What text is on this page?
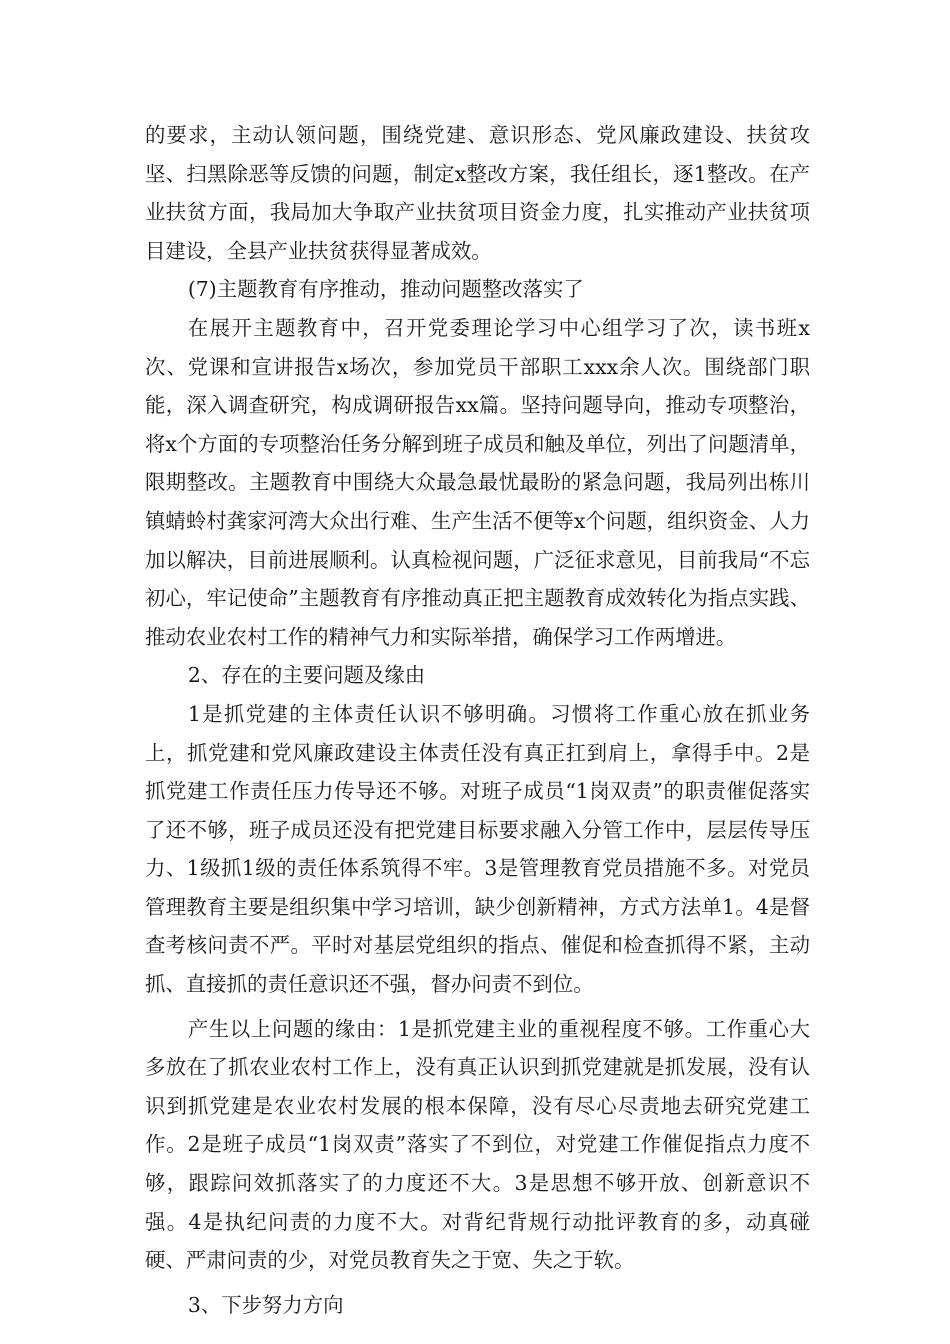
的要求，主动认领问题，围绕党建、意识形态、党风廉政建设、扶贫攻坚、扫黑除恶等反馈的问题，制定x整改方案，我任组长，逐1整改。在产业扶贫方面，我局加大争取产业扶贫项目资金力度，扎实推动产业扶贫项目建设，全县产业扶贫获得显著成效。

(7)主题教育有序推动，推动问题整改落实了

在展开主题教育中，召开党委理论学习中心组学习了次，读书班x次、党课和宣讲报告x场次，参加党员干部职工xxx余人次。围绕部门职能，深入调查研究，构成调研报告xx篇。坚持问题导向，推动专项整治，将x个方面的专项整治任务分解到班子成员和触及单位，列出了问题清单，限期整改。主题教育中围绕大众最急最忧最盼的紧急问题，我局列出栋川镇蜻蛉村龚家河湾大众出行难、生产生活不便等x个问题，组织资金、人力加以解决，目前进展顺利。认真检视问题，广泛征求意见，目前我局“不忘初心，牢记使命”主题教育有序推动真正把主题教育成效转化为指点实践、推动农业农村工作的精神气力和实际举措，确保学习工作两增进。

2、存在的主要问题及缘由

1是抓党建的主体责任认识不够明确。习惯将工作重心放在抓业务上，抓党建和党风廉政建设主体责任没有真正扛到肩上，拿得手中。2是抓党建工作责任压力传导还不够。对班子成员“1岗双责”的职责催促落实了还不够，班子成员还没有把党建目标要求融入分管工作中，层层传导压力、1级抓1级的责任体系筑得不牢。3是管理教育党员措施不多。对党员管理教育主要是组织集中学习培训，缺少创新精神，方式方法单1。4是督查考核问责不严。平时对基层党组织的指点、催促和检查抓得不紧，主动抓、直接抓的责任意识还不强，督办问责不到位。

产生以上问题的缘由：1是抓党建主业的重视程度不够。工作重心大多放在了抓农业农村工作上，没有真正认识到抓党建就是抓发展，没有认识到抓党建是农业农村发展的根本保障，没有尽心尽责地去研究党建工作。2是班子成员“1岗双责”落实了不到位，对党建工作催促指点力度不够，跟踪问效抓落实了的力度还不大。3是思想不够开放、创新意识不强。4是执纪问责的力度不大。对背纪背规行动批评教育的多，动真碰硬、严肃问责的少，对党员教育失之于宽、失之于软。

3、下步努力方向
